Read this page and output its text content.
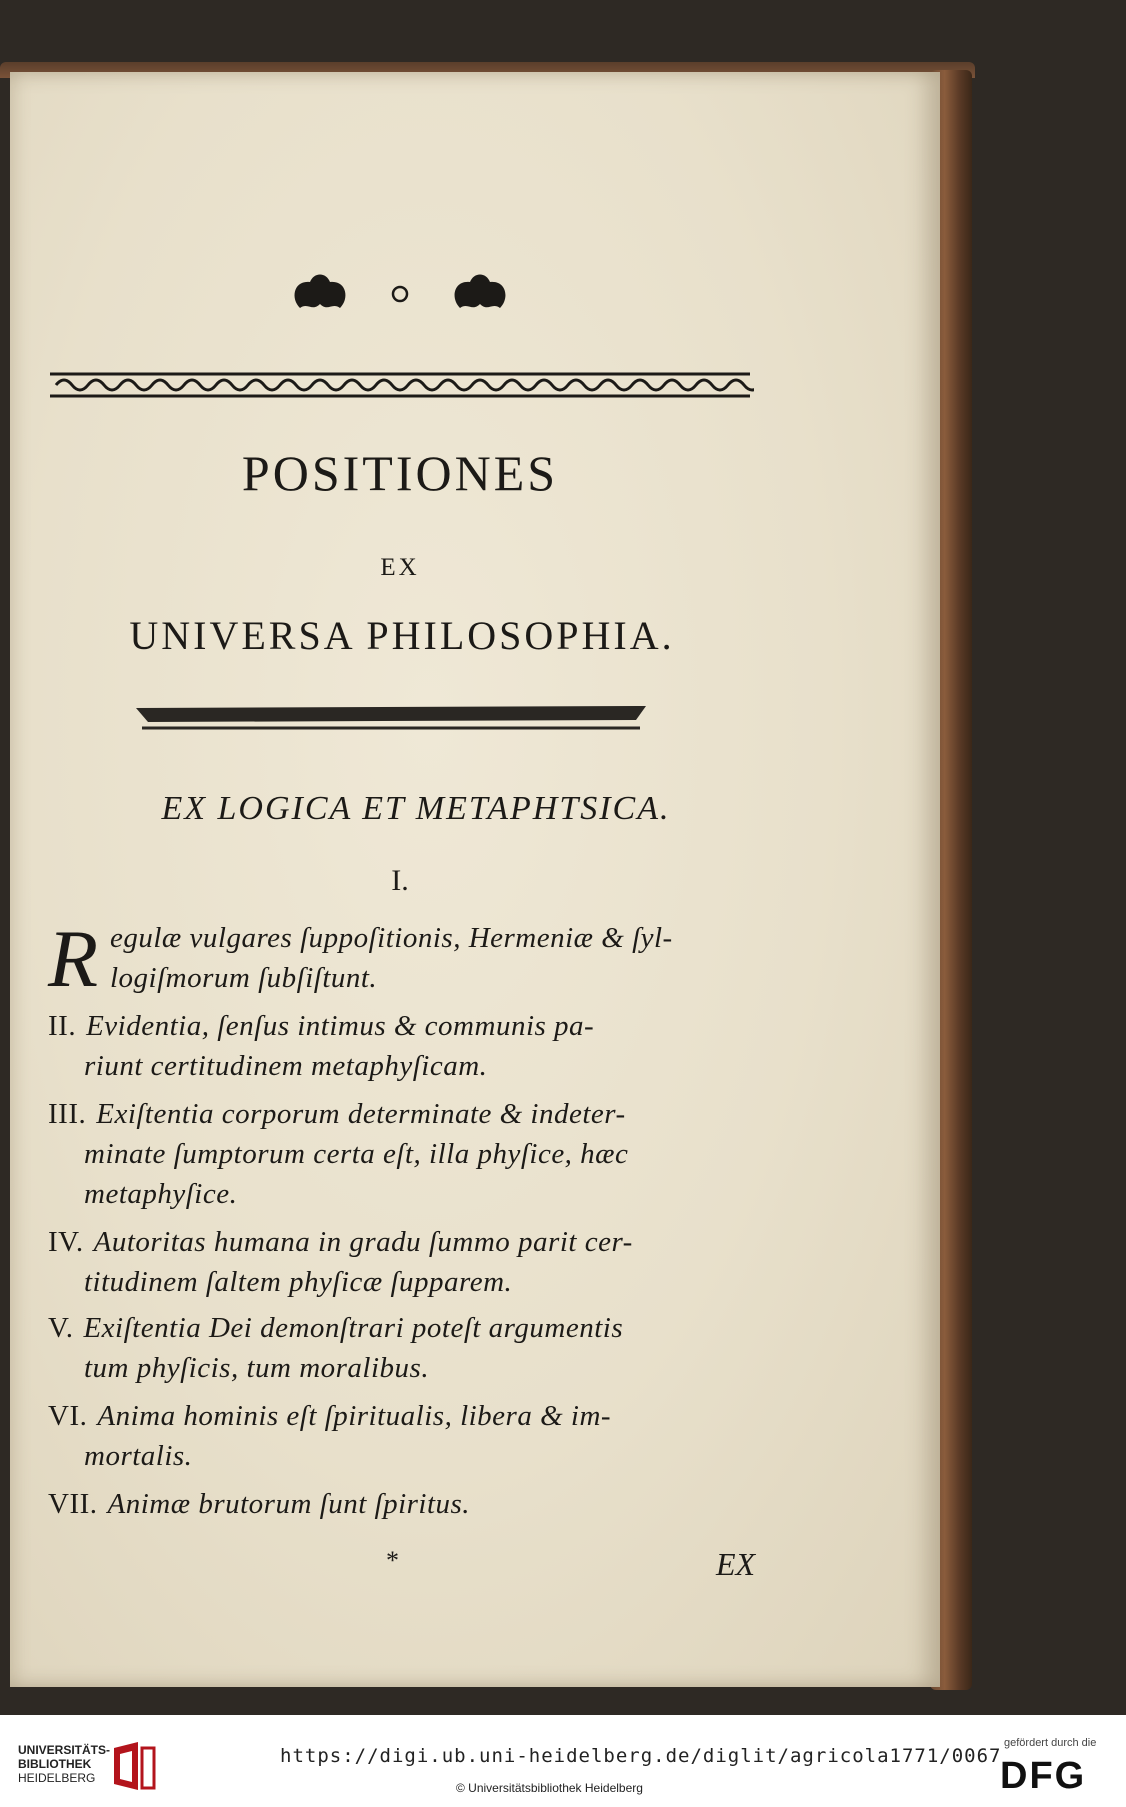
POSITIONES
EX
UNIVERSA PHILOSOPHIA.
EX LOGICA ET METAPHTSICA.
I.
R egulæ vulgares ſuppoſitionis, Hermeniæ & ſyl-
logiſmorum ſubſiſtunt.
II. Evidentia, ſenſus intimus & communis pa-
riunt certitudinem metaphyſicam.
III. Exiſtentia corporum determinate & indeter-
minate ſumptorum certa eſt, illa phyſice, hæc
metaphyſice.
IV. Autoritas humana in gradu ſummo parit cer-
titudinem ſaltem phyſicæ ſupparem.
V. Exiſtentia Dei demonſtrari poteſt argumentis
tum phyſicis, tum moralibus.
VI. Anima hominis eſt ſpiritualis, libera & im-
mortalis.
VII. Animæ brutorum ſunt ſpiritus.
*	EX
UNIVERSITÄTS-
BIBLIOTHEK
HEIDELBERG
https://digi.ub.uni-heidelberg.de/diglit/agricola1771/0067
© Universitätsbibliothek Heidelberg
gefördert durch die
DFG
